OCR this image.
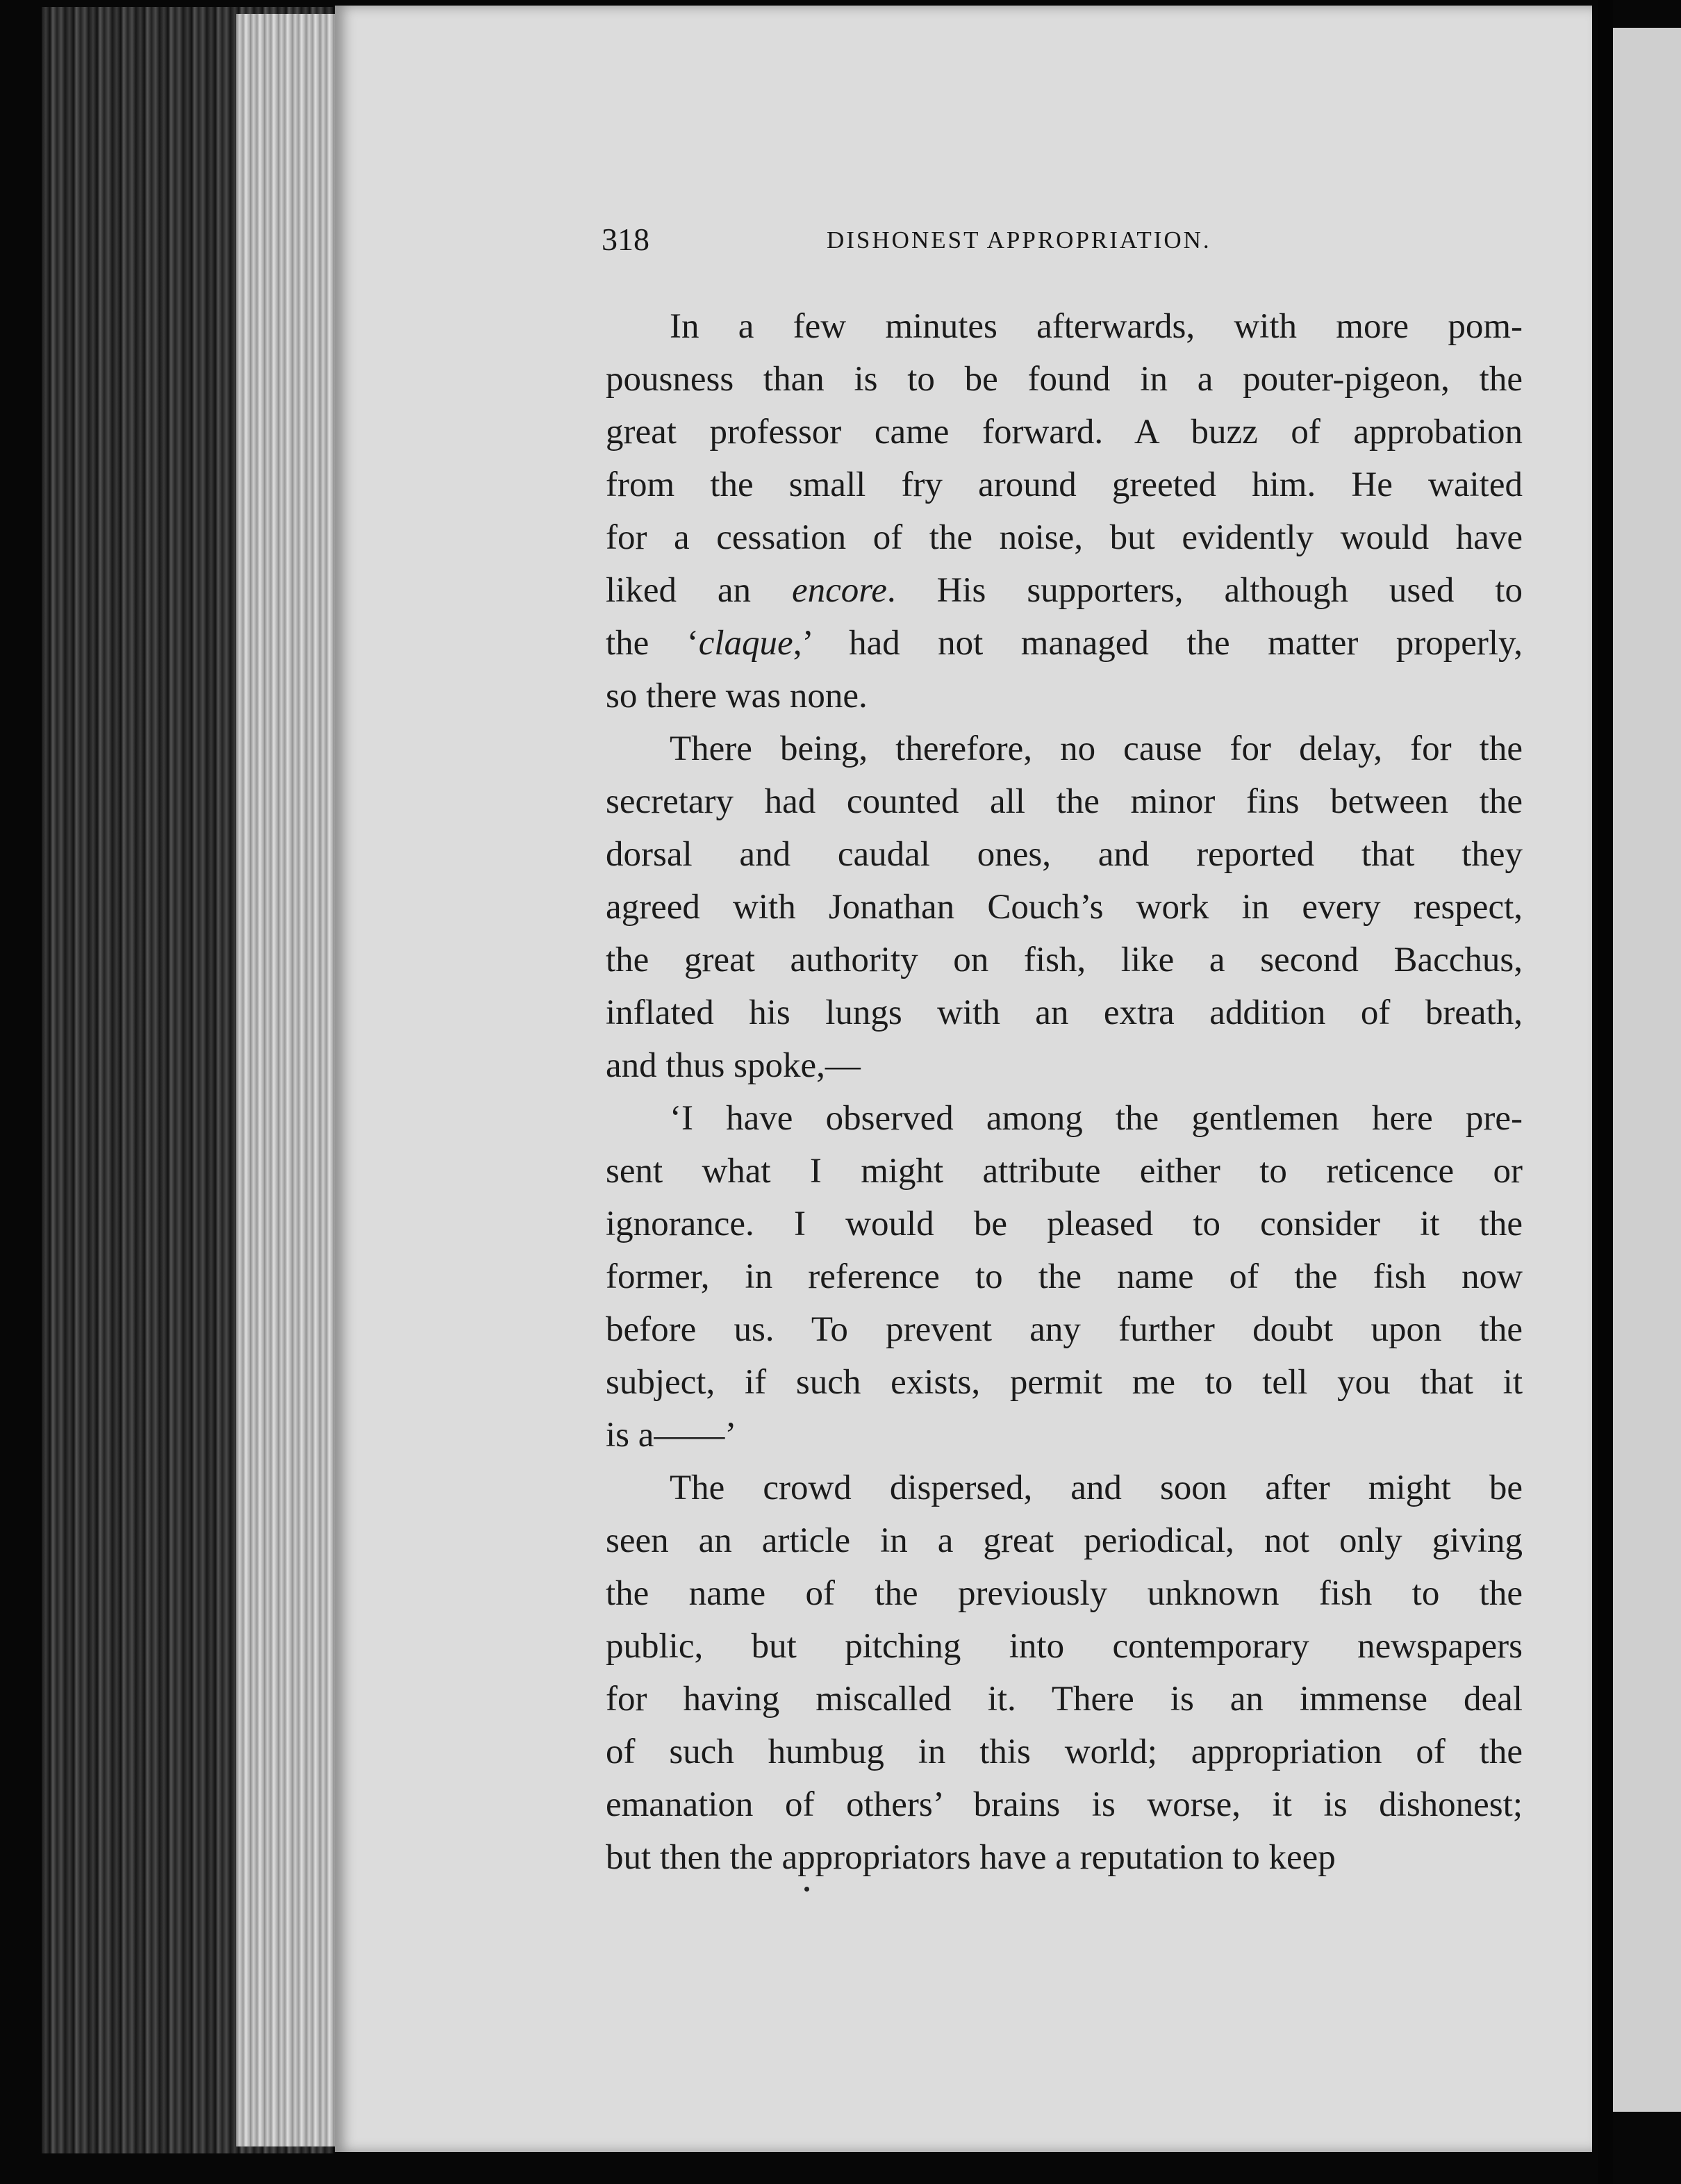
318	DISHONEST APPROPRIATION.
In a few minutes afterwards, with more pom-
pousness than is to be found in a pouter-pigeon, the
great professor came forward. A buzz of approbation
from the small fry around greeted him. He waited
for a cessation of the noise, but evidently would have
liked an encore. His supporters, although used to
the ‘claque,’ had not managed the matter properly,
so there was none.
There being, therefore, no cause for delay, for the
secretary had counted all the minor fins between the
dorsal and caudal ones, and reported that they
agreed with Jonathan Couch’s work in every respect,
the great authority on fish, like a second Bacchus,
inflated his lungs with an extra addition of breath,
and thus spoke,—
‘I have observed among the gentlemen here pre-
sent what I might attribute either to reticence or
ignorance. I would be pleased to consider it the
former, in reference to the name of the fish now
before us. To prevent any further doubt upon the
subject, if such exists, permit me to tell you that it
is a——’
The crowd dispersed, and soon after might be
seen an article in a great periodical, not only giving
the name of the previously unknown fish to the
public, but pitching into contemporary newspapers
for having miscalled it. There is an immense deal
of such humbug in this world; appropriation of the
emanation of others’ brains is worse, it is dishonest;
but then the appropriators have a reputation to keep
